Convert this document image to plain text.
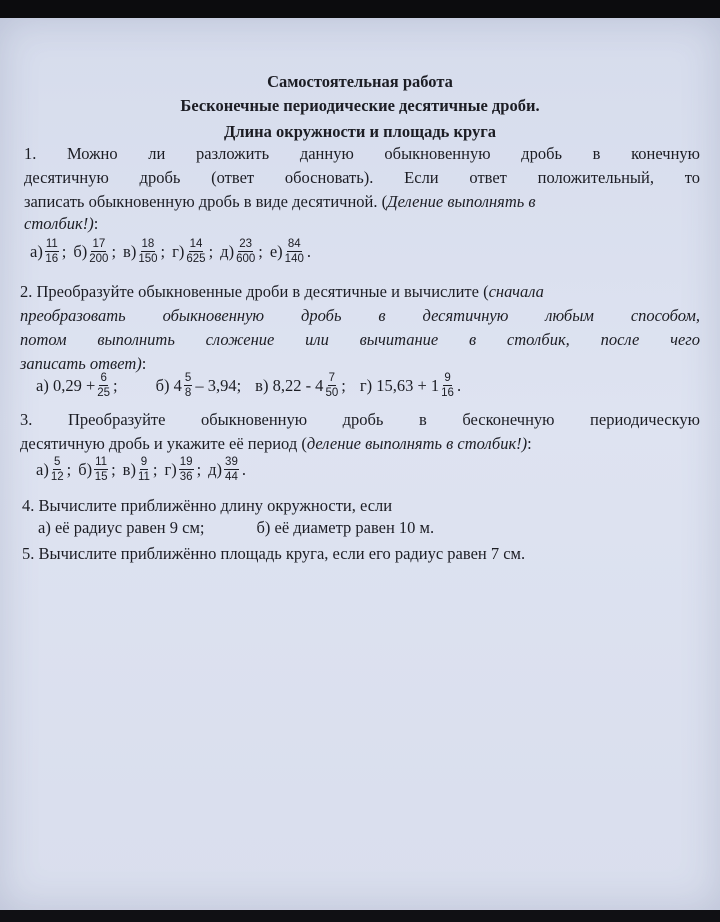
Самостоятельная работа
Бесконечные периодические десятичные дроби.
Длина окружности и площадь круга
1. Можно ли разложить данную обыкновенную дробь в конечную
десятичную дробь (ответ обосновать). Если ответ положительный, то
записать обыкновенную дробь в виде десятичной. (Деление выполнять в
столбик!):
$а) \frac{11}{16}$ ; $б) \frac{17}{200}$ ; $в) \frac{18}{150}$ ; $г) \frac{14}{625}$ ; $д) \frac{23}{600}$ ; $е) \frac{84}{140}$ .
2. Преобразуйте обыкновенные дроби в десятичные и вычислите (сначала
преобразовать обыкновенную дробь в десятичную любым способом,
потом выполнить сложение или вычитание в столбик, после чего
записать ответ):
а) $0,29 + \frac{6}{25}$ ; б) $4 \frac{5}{8} - 3,94$; в) $8,22 - 4 \frac{7}{50}$ ; г) $15,63 + 1 \frac{9}{16}$ .
3. Преобразуйте обыкновенную дробь в бесконечную периодическую
десятичную дробь и укажите её период (деление выполнять в столбик!):
$а) \frac{5}{12}$ ; $б) \frac{11}{15}$ ; $в) \frac{9}{11}$ ; $г) \frac{19}{36}$ ; $д) \frac{39}{44}$ .
4. Вычислите приближённо длину окружности, если
а) её радиус равен 9 см;	б) её диаметр равен 10 м.
5. Вычислите приближённо площадь круга, если его радиус равен 7 см.
